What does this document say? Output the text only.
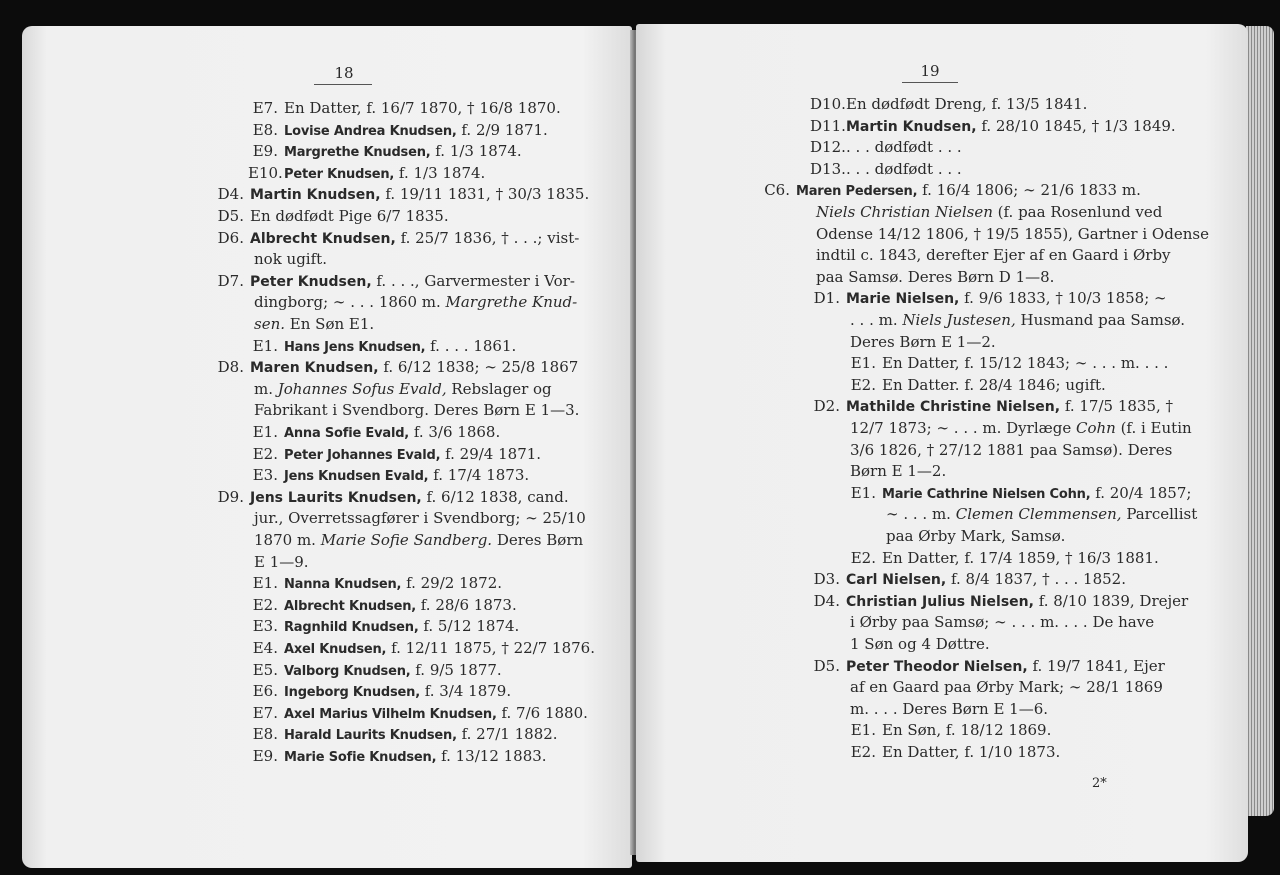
18
E7. En Datter, f. 16/7 1870, † 16/8 1870.
E8. Lovise Andrea Knudsen, f. 2/9 1871.
E9. Margrethe Knudsen, f. 1/3 1874.
E10.Peter Knudsen, f. 1/3 1874.
D4. Martin Knudsen, f. 19/11 1831, † 30/3 1835.
D5. En dødfødt Pige 6/7 1835.
D6. Albrecht Knudsen, f. 25/7 1836, † . . .; vist-
nok ugift.
D7. Peter Knudsen, f. . . ., Garvermester i Vor-
dingborg; ∼ . . . 1860 m. Margrethe Knud-
sen. En Søn E1.
E1. Hans Jens Knudsen, f. . . . 1861.
D8. Maren Knudsen, f. 6/12 1838; ∼ 25/8 1867
m. Johannes Sofus Evald, Rebslager og
Fabrikant i Svendborg. Deres Børn E 1—3.
E1. Anna Sofie Evald, f. 3/6 1868.
E2. Peter Johannes Evald, f. 29/4 1871.
E3. Jens Knudsen Evald, f. 17/4 1873.
D9. Jens Laurits Knudsen, f. 6/12 1838, cand.
jur., Overretssagfører i Svendborg; ∼ 25/10
1870 m. Marie Sofie Sandberg. Deres Børn
E 1—9.
E1. Nanna Knudsen, f. 29/2 1872.
E2. Albrecht Knudsen, f. 28/6 1873.
E3. Ragnhild Knudsen, f. 5/12 1874.
E4. Axel Knudsen, f. 12/11 1875, † 22/7 1876.
E5. Valborg Knudsen, f. 9/5 1877.
E6. Ingeborg Knudsen, f. 3/4 1879.
E7. Axel Marius Vilhelm Knudsen, f. 7/6 1880.
E8. Harald Laurits Knudsen, f. 27/1 1882.
E9. Marie Sofie Knudsen, f. 13/12 1883.
19
D10.En dødfødt Dreng, f. 13/5 1841.
D11.Martin Knudsen, f. 28/10 1845, † 1/3 1849.
D12.. . . dødfødt . . .
D13.. . . dødfødt . . .
C6. Maren Pedersen, f. 16/4 1806; ∼ 21/6 1833 m.
Niels Christian Nielsen (f. paa Rosenlund ved
Odense 14/12 1806, † 19/5 1855), Gartner i Odense
indtil c. 1843, derefter Ejer af en Gaard i Ørby
paa Samsø. Deres Børn D 1—8.
D1. Marie Nielsen, f. 9/6 1833, † 10/3 1858; ∼
. . . m. Niels Justesen, Husmand paa Samsø.
Deres Børn E 1—2.
E1. En Datter, f. 15/12 1843; ∼ . . . m. . . .
E2. En Datter. f. 28/4 1846; ugift.
D2. Mathilde Christine Nielsen, f. 17/5 1835, †
12/7 1873; ∼ . . . m. Dyrlæge Cohn (f. i Eutin
3/6 1826, † 27/12 1881 paa Samsø). Deres
Børn E 1—2.
E1. Marie Cathrine Nielsen Cohn, f. 20/4 1857;
∼ . . . m. Clemen Clemmensen, Parcellist
paa Ørby Mark, Samsø.
E2. En Datter, f. 17/4 1859, † 16/3 1881.
D3. Carl Nielsen, f. 8/4 1837, † . . . 1852.
D4. Christian Julius Nielsen, f. 8/10 1839, Drejer
i Ørby paa Samsø; ∼ . . . m. . . . De have
1 Søn og 4 Døttre.
D5. Peter Theodor Nielsen, f. 19/7 1841, Ejer
af en Gaard paa Ørby Mark; ∼ 28/1 1869
m. . . . Deres Børn E 1—6.
E1. En Søn, f. 18/12 1869.
E2. En Datter, f. 1/10 1873.
2*
